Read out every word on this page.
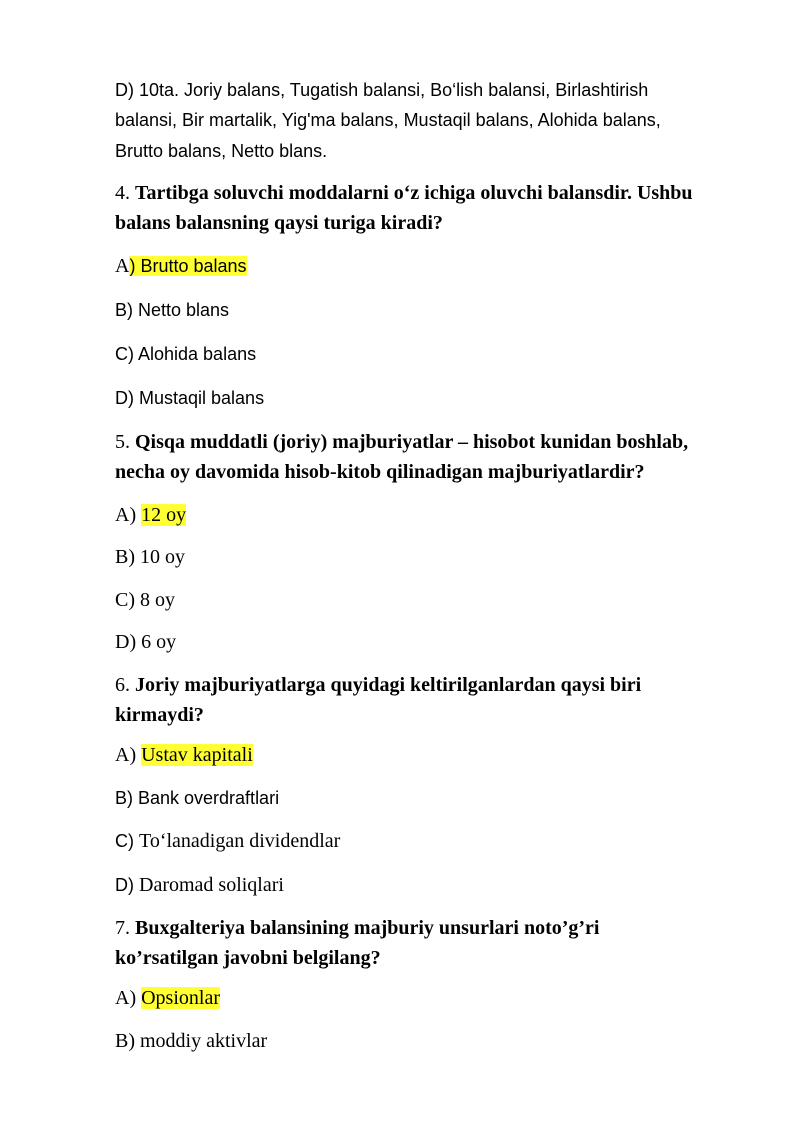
D) 10ta. Joriy balans, Tugatish balansi, Bo‘lish balansi, Birlashtirish
balansi, Bir martalik, Yig'ma balans, Mustaqil balans, Alohida balans,
Brutto balans, Netto blans.
4. Tartibga soluvchi moddalarni o‘z ichiga oluvchi balansdir. Ushbu
balans balansning qaysi turiga kiradi?
A) Brutto balans
B) Netto blans
C) Alohida balans
D) Mustaqil balans
5. Qisqa muddatli (joriy) majburiyatlar – hisobot kunidan boshlab,
necha oy davomida hisob-kitob qilinadigan majburiyatlardir?
A) 12 oy
B) 10 oy
C) 8 oy
D) 6 oy
6. Joriy majburiyatlarga quyidagi keltirilganlardan qaysi biri
kirmaydi?
A) Ustav kapitali
B) Bank overdraftlari
C) To‘lanadigan dividendlar
D) Daromad soliqlari
7. Buxgalteriya balansining majburiy unsurlari noto’g’ri
ko’rsatilgan javobni belgilang?
A) Opsionlar
B) moddiy aktivlar
